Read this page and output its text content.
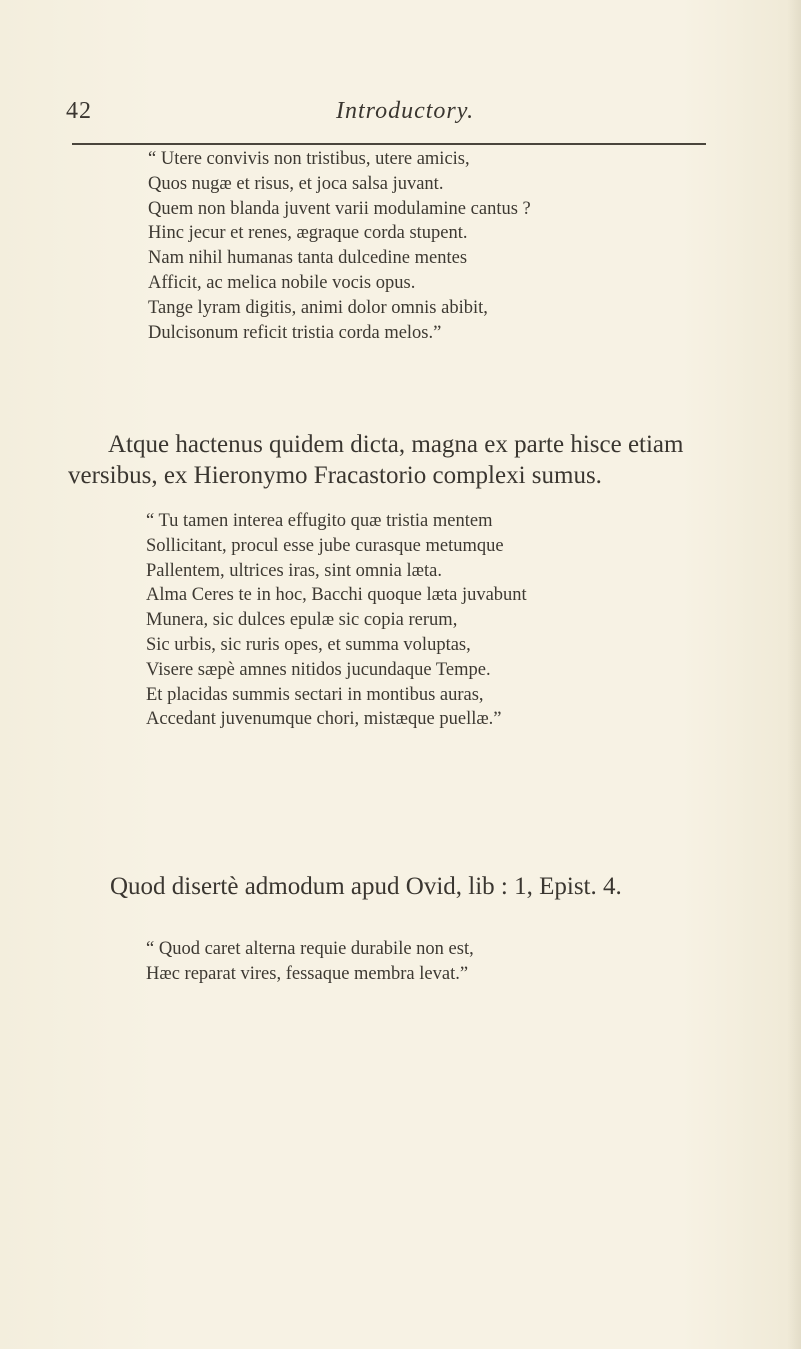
42	Introductory.
“ Utere convivis non tristibus, utere amicis,
Quos nugæ et risus, et joca salsa juvant.
Quem non blanda juvent varii modulamine cantus ?
Hinc jecur et renes, ægraque corda stupent.
Nam nihil humanas tanta dulcedine mentes
Afficit, ac melica nobile vocis opus.
Tange lyram digitis, animi dolor omnis abibit,
Dulcisonum reficit tristia corda melos.”
Atque hactenus quidem dicta, magna ex parte hisce etiam
versibus, ex Hieronymo Fracastorio complexi sumus.
“ Tu tamen interea effugito quæ tristia mentem
Sollicitant, procul esse jube curasque metumque
Pallentem, ultrices iras, sint omnia læta.
Alma Ceres te in hoc, Bacchi quoque læta juvabunt
Munera, sic dulces epulæ sic copia rerum,
Sic urbis, sic ruris opes, et summa voluptas,
Visere sæpè amnes nitidos jucundaque Tempe.
Et placidas summis sectari in montibus auras,
Accedant juvenumque chori, mistæque puellæ.”
Quod disertè admodum apud Ovid, lib : 1, Epist. 4.
“ Quod caret alterna requie durabile non est,
Hæc reparat vires, fessaque membra levat.”
